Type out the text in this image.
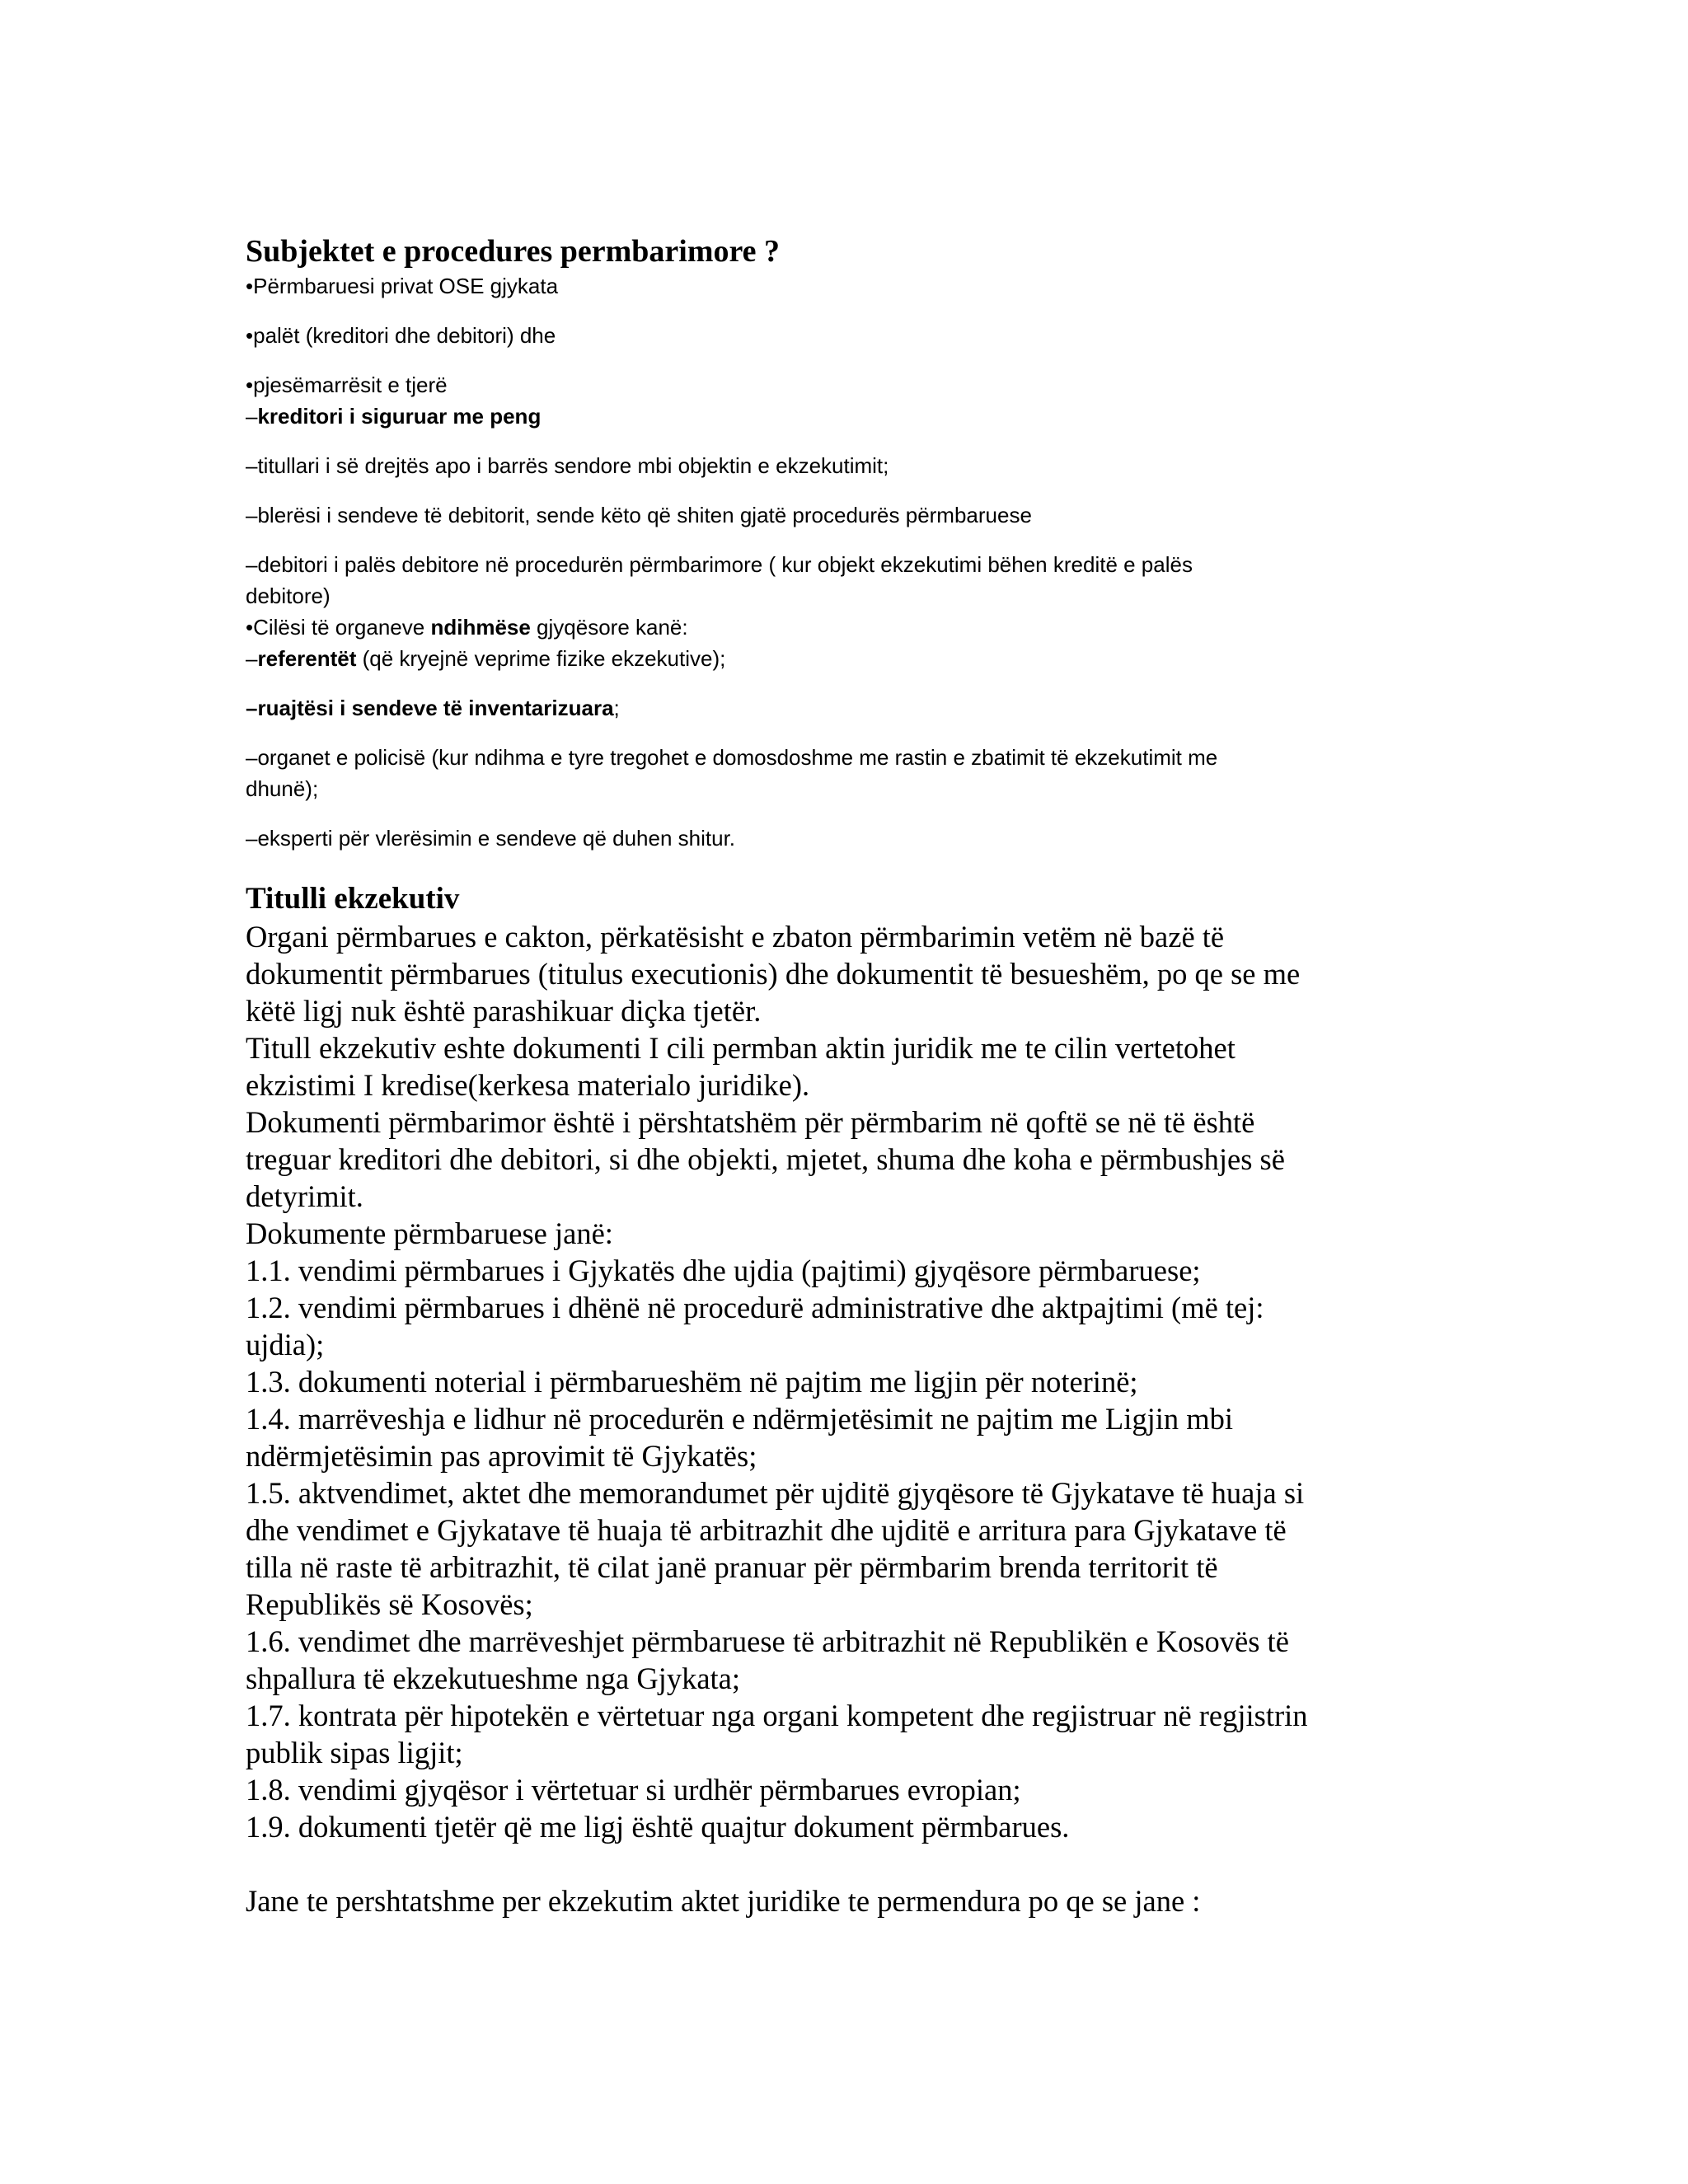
Subjektet e procedures permbarimore ?

•Përmbaruesi privat OSE gjykata

•palët (kreditori dhe debitori) dhe

•pjesëmarrësit e tjerë

–kreditori i siguruar me peng

–titullari i së drejtës apo i barrës sendore mbi objektin e ekzekutimit;

–blerësi i sendeve të debitorit, sende këto që shiten gjatë procedurës përmbaruese

–debitori i palës debitore në procedurën përmbarimore ( kur objekt ekzekutimi bëhen kreditë e palës
debitore)

•Cilësi të organeve ndihmëse gjyqësore kanë:

–referentët (që kryejnë veprime fizike ekzekutive);

–ruajtësi i sendeve të inventarizuara;

–organet e policisë (kur ndihma e tyre tregohet e domosdoshme me rastin e zbatimit të ekzekutimit me
dhunë);

–eksperti për vlerësimin e sendeve që duhen shitur.

Titulli ekzekutiv

Organi përmbarues e cakton, përkatësisht e zbaton përmbarimin vetëm në bazë të

dokumentit përmbarues (titulus executionis) dhe dokumentit të besueshëm, po qe se me

këtë ligj nuk është parashikuar diçka tjetër.

Titull ekzekutiv eshte dokumenti I cili permban aktin juridik me te cilin vertetohet

ekzistimi I kredise(kerkesa materialo juridike).

Dokumenti përmbarimor është i përshtatshëm për përmbarim në qoftë se në të është

treguar kreditori dhe debitori, si dhe objekti, mjetet, shuma dhe koha e përmbushjes së

detyrimit.

Dokumente përmbaruese janë:

1.1. vendimi përmbarues i Gjykatës dhe ujdia (pajtimi) gjyqësore përmbaruese;

1.2. vendimi përmbarues i dhënë në procedurë administrative dhe aktpajtimi (më tej:

ujdia);

1.3. dokumenti noterial i përmbarueshëm në pajtim me ligjin për noterinë;

1.4. marrëveshja e lidhur në procedurën e ndërmjetësimit ne pajtim me Ligjin mbi

ndërmjetësimin pas aprovimit të Gjykatës;

1.5. aktvendimet, aktet dhe memorandumet për ujditë gjyqësore të Gjykatave të huaja si

dhe vendimet e Gjykatave të huaja të arbitrazhit dhe ujditë e arritura para Gjykatave të

tilla në raste të arbitrazhit, të cilat janë pranuar për përmbarim brenda territorit të

Republikës së Kosovës;

1.6. vendimet dhe marrëveshjet përmbaruese të arbitrazhit në Republikën e Kosovës të

shpallura të ekzekutueshme nga Gjykata;

1.7. kontrata për hipotekën e vërtetuar nga organi kompetent dhe regjistruar në regjistrin

publik sipas ligjit;

1.8. vendimi gjyqësor i vërtetuar si urdhër përmbarues evropian;

1.9. dokumenti tjetër që me ligj është quajtur dokument përmbarues.

Jane te pershtatshme per ekzekutim aktet juridike te permendura po qe se jane :
